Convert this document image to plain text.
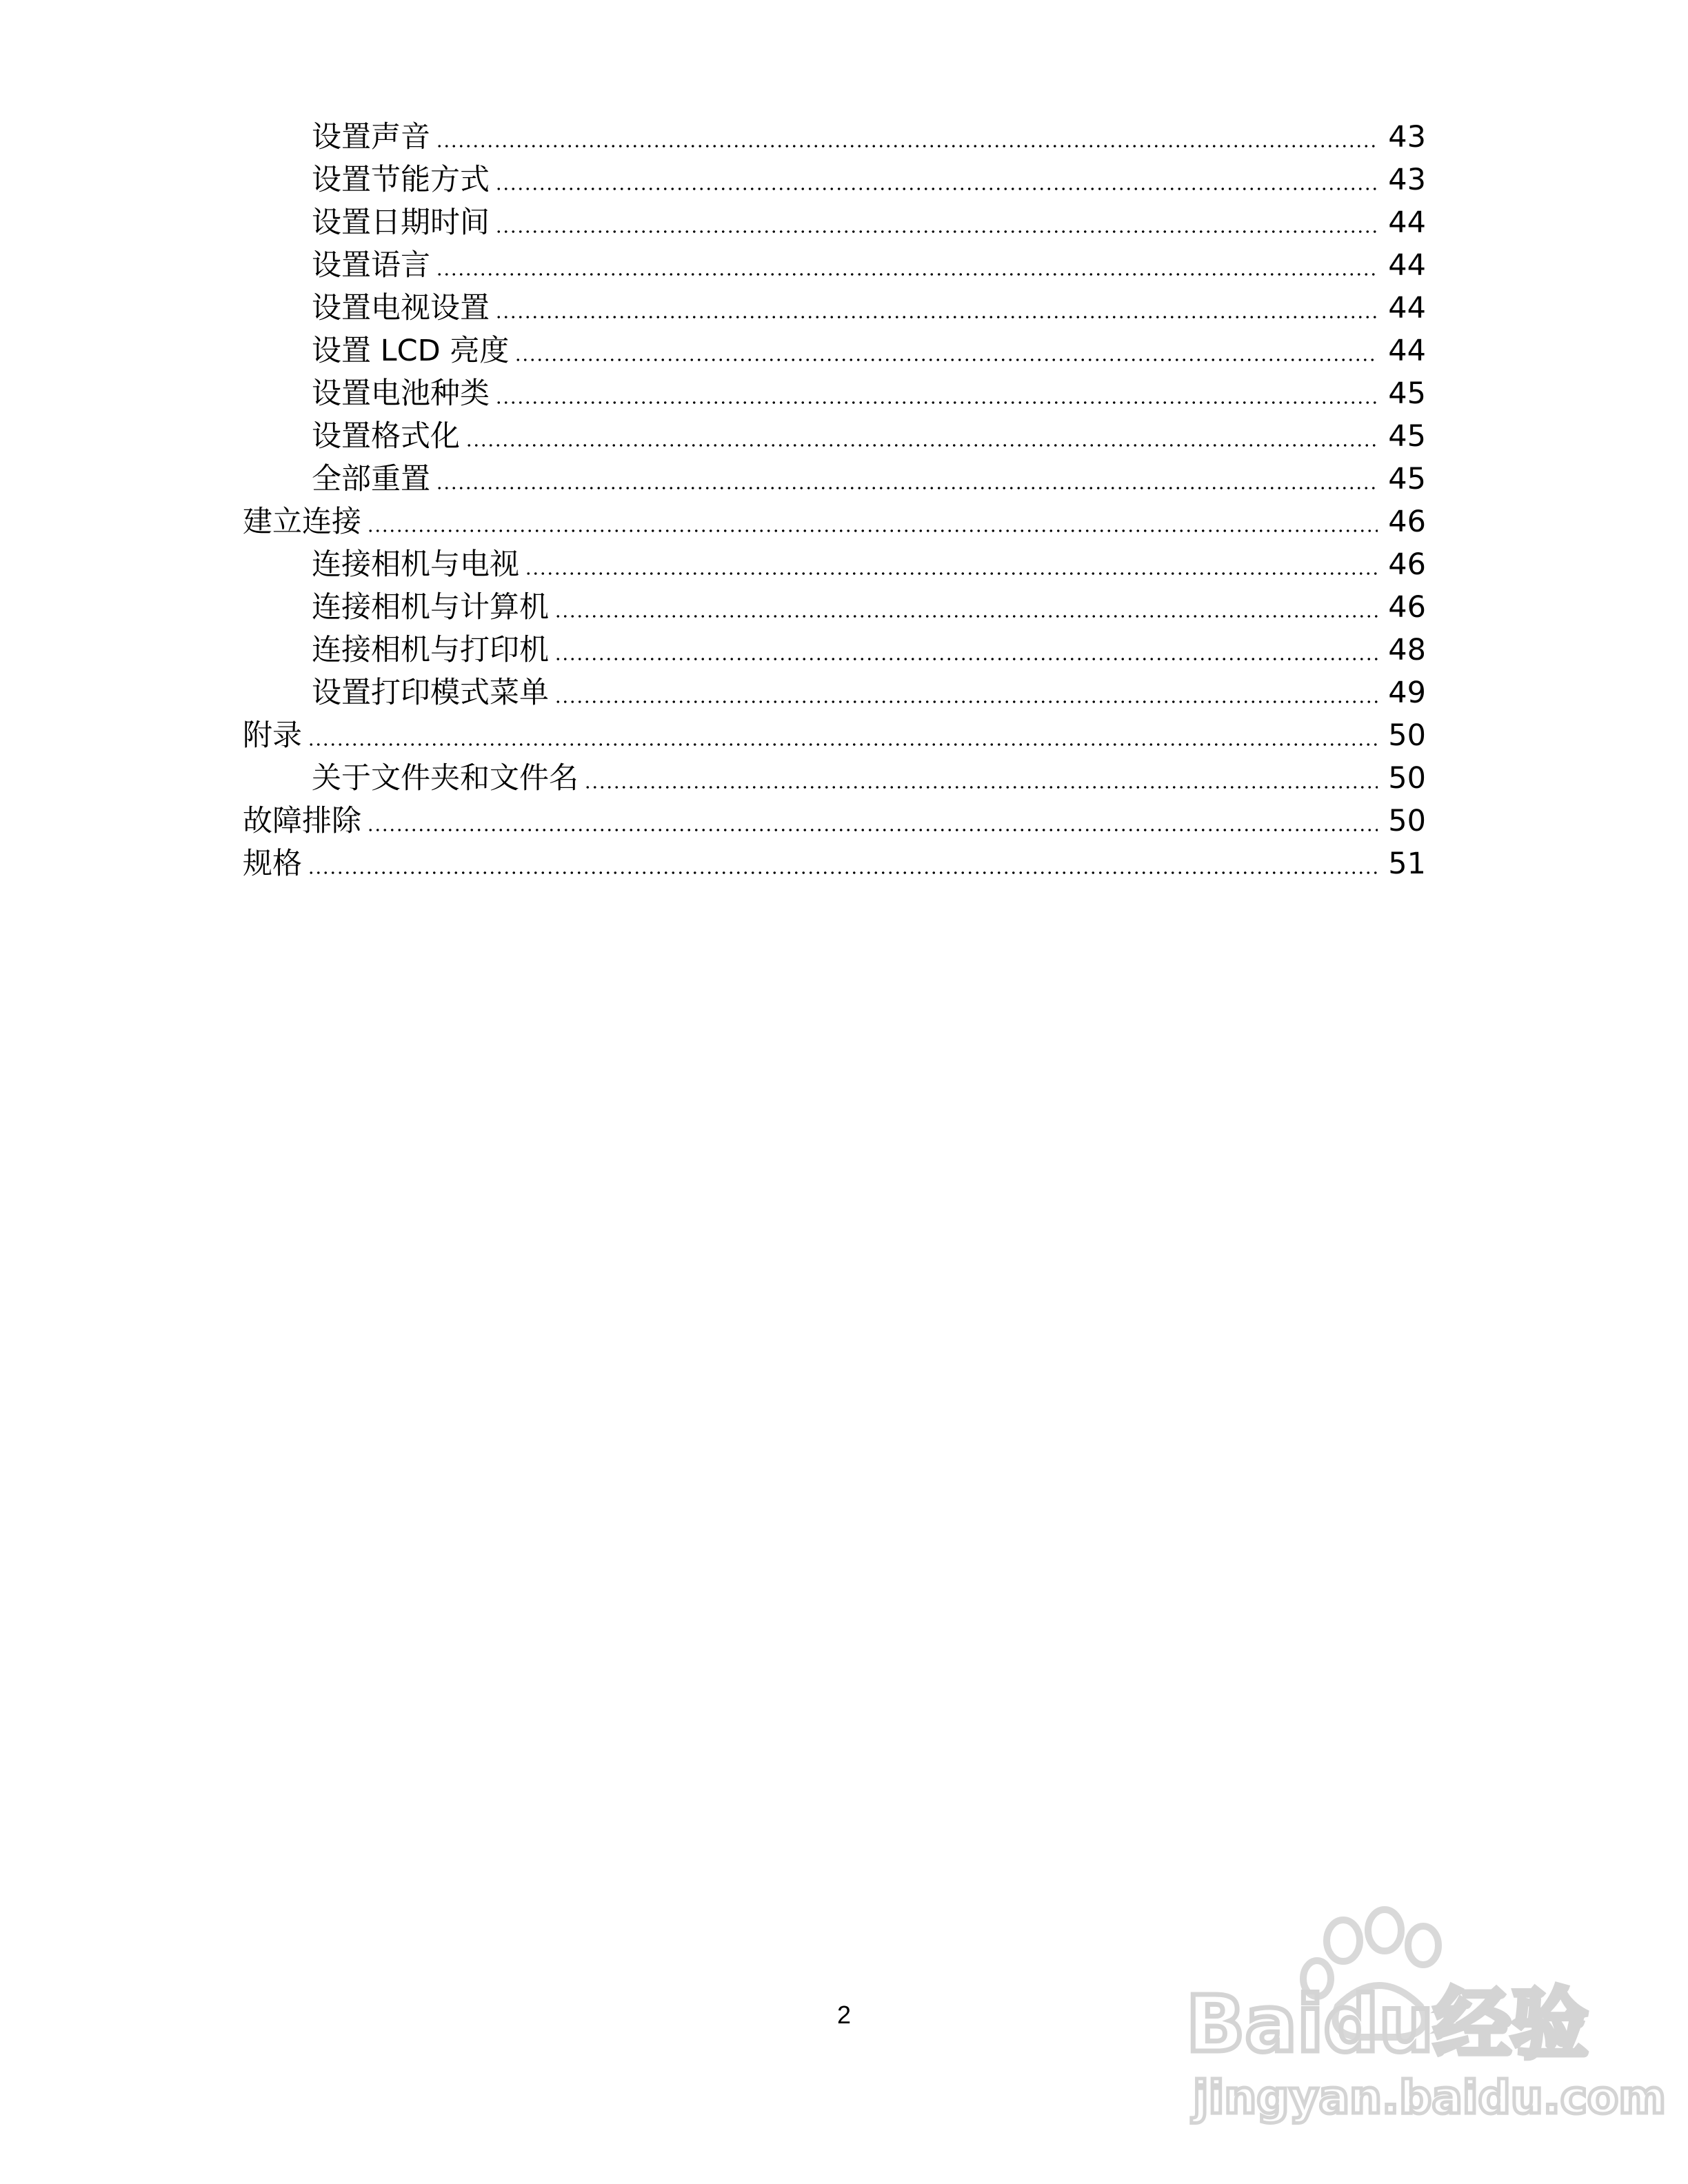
设置声音	43
设置节能方式	43
设置日期时间	44
设置语言	44
设置电视设置	44
设置 LCD 亮度	44
设置电池种类	45
设置格式化	45
全部重置	45
建立连接	46
连接相机与电视	46
连接相机与计算机	46
连接相机与打印机	48
设置打印模式菜单	49
附录	50
关于文件夹和文件名	50
故障排除	50
规格	51
2	Baidu经验
jingyan.baidu.com
